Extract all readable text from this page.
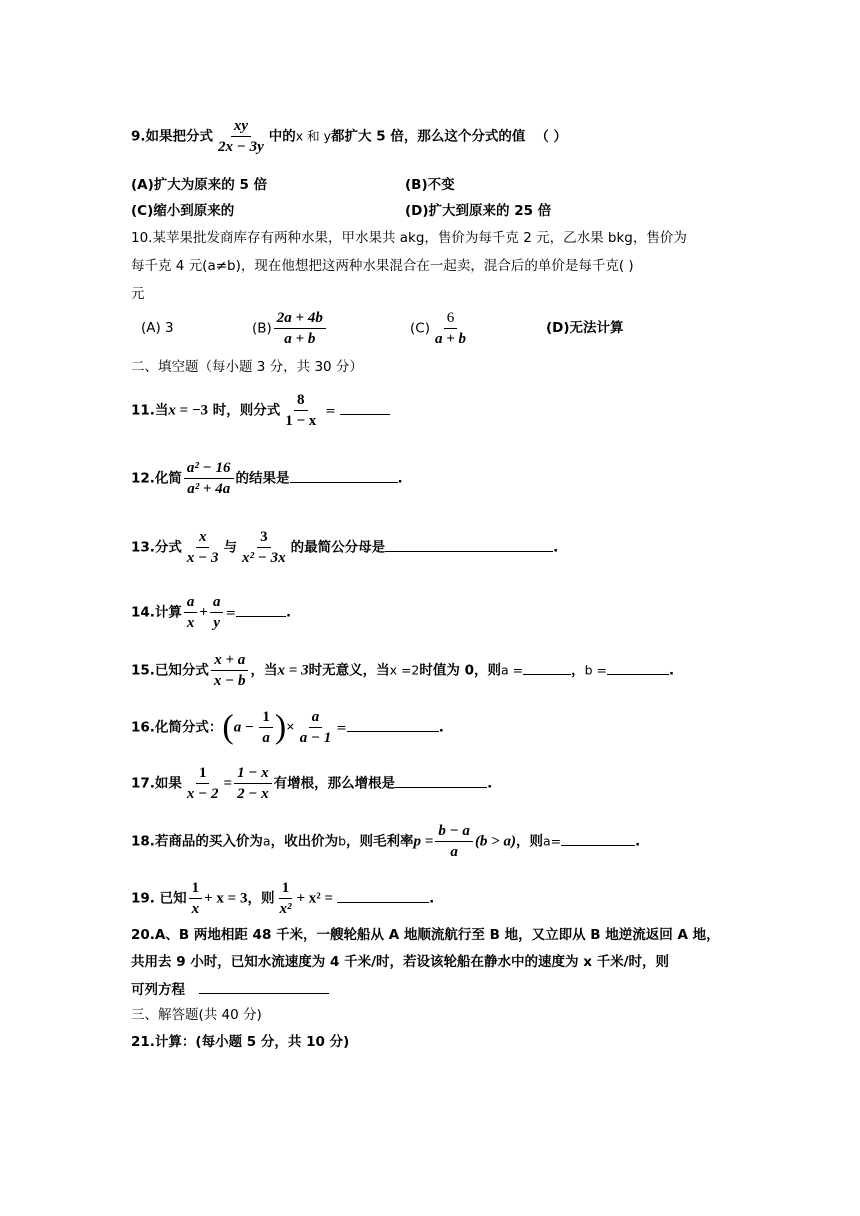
9.如果把分式 $\frac{xy}{2x - 3y}$ 中的x 和 y都扩大 5 倍，那么这个分式的值 （ ）
(A)扩大为原来的 5 倍	(B)不变
(C)缩小到原来的	(D)扩大到原来的 25 倍
10.某苹果批发商库存有两种水果，甲水果共 akg，售价为每千克 2 元，乙水果 bkg，售价为
每千克 4 元(a≠b)，现在他想把这两种水果混合在一起卖，混合后的单价是每千克( )
元
(A) 3	$(B) \frac{2a + 4b}{a + b}$	$(C) \frac{6}{a + b}$	(D)无法计算
二、填空题（每小题 3 分，共 30 分）
11.当x = −3 时，则分式 $\frac{8}{1 - x}$ =
12.化简 $\frac{\text{a² − 16}}{\text{a² + 4a}}$ 的结果是	.
13.分式 $\frac{x}{x - 3}$ 与 $\frac{3}{\text{x² − 3x}}$ 的最简公分母是	.
14.计算 $\frac{a}{x} + \frac{a}{y}$ =	.
15.已知分式 $\frac{x + a}{x - b}$ ，当x = 3时无意义，当x =2时值为 0，则a =	，b =	.
16.化简分式：($a - \frac{1}{a}$ )× $\frac{a}{a - 1}$ =	.
17.如果 $\frac{1}{x - 2} = \frac{1 - x}{2 - x}$ 有增根，那么增根是	.
18.若商品的买入价为a，收出价为b，则毛利率$p = \frac{b - a}{a} (b > a)$，则a=	.
19. 已知 $\frac{1}{x} + x = 3$，则 $\frac{1}{\text{x²}} + x^2$ =	.
20.A、B 两地相距 48 千米，一艘轮船从 A 地顺流航行至 B 地，又立即从 B 地逆流返回 A 地，
共用去 9 小时，已知水流速度为 4 千米/时，若设该轮船在静水中的速度为 x 千米/时，则
可列方程
三、解答题(共 40 分)
21.计算：(每小题 5 分，共 10 分)
